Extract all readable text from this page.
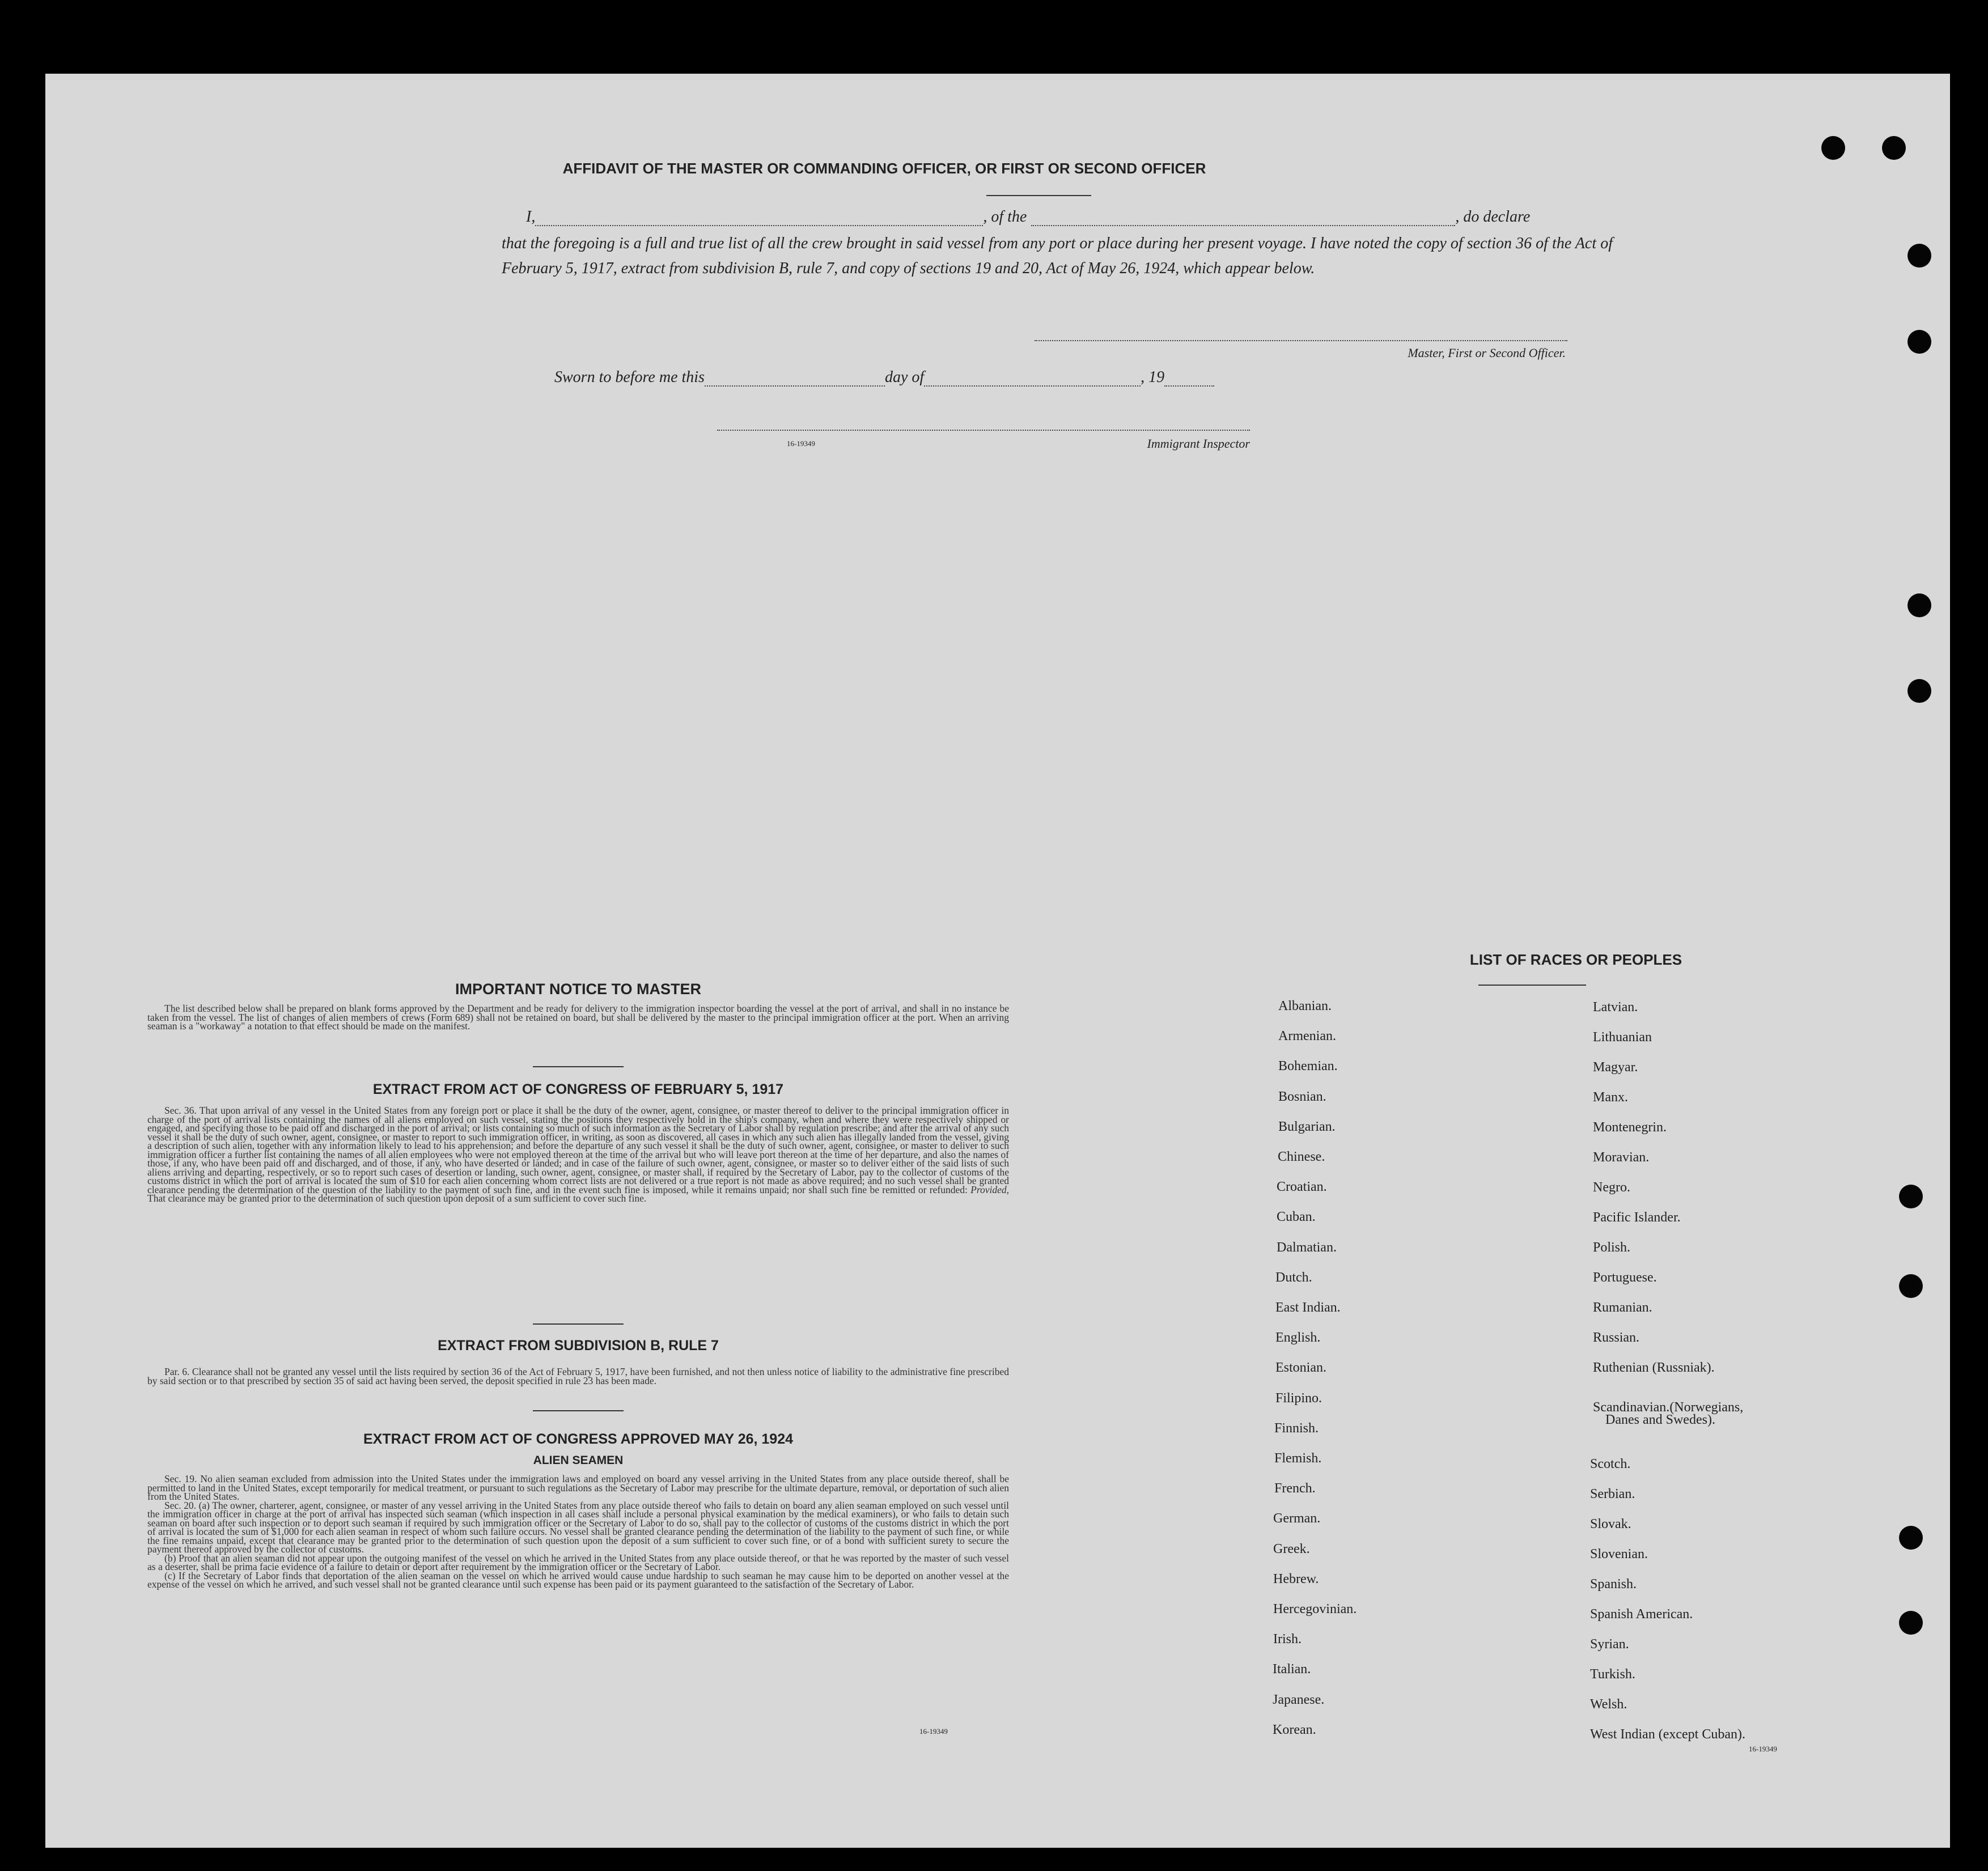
AFFIDAVIT OF THE MASTER OR COMMANDING OFFICER, OR FIRST OR SECOND OFFICER
I,	, of the	, do declare
that the foregoing is a full and true list of all the crew brought in said vessel from any port or place during her present voyage. I have noted the copy of section 36 of the Act of February 5, 1917, extract from subdivision B, rule 7, and copy of sections 19 and 20, Act of May 26, 1924, which appear below.
Master, First or Second Officer.
Sworn to before me this	day of	, 19
16-19349	Immigrant Inspector
IMPORTANT NOTICE TO MASTER
The list described below shall be prepared on blank forms approved by the Department and be ready for delivery to the immigration inspector boarding the vessel at the port of arrival, and shall in no instance be taken from the vessel. The list of changes of alien members of crews (Form 689) shall not be retained on board, but shall be delivered by the master to the principal immigration officer at the port. When an arriving seaman is a "workaway" a notation to that effect should be made on the manifest.
EXTRACT FROM ACT OF CONGRESS OF FEBRUARY 5, 1917
Sec. 36. That upon arrival of any vessel in the United States from any foreign port or place it shall be the duty of the owner, agent, consignee, or master thereof to deliver to the principal immigration officer in charge of the port of arrival lists containing the names of all aliens employed on such vessel, stating the positions they respectively hold in the ship's company, when and where they were respectively shipped or engaged, and specifying those to be paid off and discharged in the port of arrival; or lists containing so much of such information as the Secretary of Labor shall by regulation prescribe; and after the arrival of any such vessel it shall be the duty of such owner, agent, consignee, or master to report to such immigration officer, in writing, as soon as discovered, all cases in which any such alien has illegally landed from the vessel, giving a description of such alien, together with any information likely to lead to his apprehension; and before the departure of any such vessel it shall be the duty of such owner, agent, consignee, or master to deliver to such immigration officer a further list containing the names of all alien employees who were not employed thereon at the time of the arrival but who will leave port thereon at the time of her departure, and also the names of those, if any, who have been paid off and discharged, and of those, if any, who have deserted or landed; and in case of the failure of such owner, agent, consignee, or master so to deliver either of the said lists of such aliens arriving and departing, respectively, or so to report such cases of desertion or landing, such owner, agent, consignee, or master shall, if required by the Secretary of Labor, pay to the collector of customs of the customs district in which the port of arrival is located the sum of $10 for each alien concerning whom correct lists are not delivered or a true report is not made as above required; and no such vessel shall be granted clearance pending the determination of the question of the liability to the payment of such fine, and in the event such fine is imposed, while it remains unpaid; nor shall such fine be remitted or refunded: Provided, That clearance may be granted prior to the determination of such question upon deposit of a sum sufficient to cover such fine.
EXTRACT FROM SUBDIVISION B, RULE 7
Par. 6. Clearance shall not be granted any vessel until the lists required by section 36 of the Act of February 5, 1917, have been furnished, and not then unless notice of liability to the administrative fine prescribed by said section or to that prescribed by section 35 of said act having been served, the deposit specified in rule 23 has been made.
EXTRACT FROM ACT OF CONGRESS APPROVED MAY 26, 1924
ALIEN SEAMEN
Sec. 19. No alien seaman excluded from admission into the United States under the immigration laws and employed on board any vessel arriving in the United States from any place outside thereof, shall be permitted to land in the United States, except temporarily for medical treatment, or pursuant to such regulations as the Secretary of Labor may prescribe for the ultimate departure, removal, or deportation of such alien from the United States.
Sec. 20. (a) The owner, charterer, agent, consignee, or master of any vessel arriving in the United States from any place outside thereof who fails to detain on board any alien seaman employed on such vessel until the immigration officer in charge at the port of arrival has inspected such seaman (which inspection in all cases shall include a personal physical examination by the medical examiners), or who fails to detain such seaman on board after such inspection or to deport such seaman if required by such immigration officer or the Secretary of Labor to do so, shall pay to the collector of customs of the customs district in which the port of arrival is located the sum of $1,000 for each alien seaman in respect of whom such failure occurs. No vessel shall be granted clearance pending the determination of the liability to the payment of such fine, or while the fine remains unpaid, except that clearance may be granted prior to the determination of such question upon the deposit of a sum sufficient to cover such fine, or of a bond with sufficient surety to secure the payment thereof approved by the collector of customs.
(b) Proof that an alien seaman did not appear upon the outgoing manifest of the vessel on which he arrived in the United States from any place outside thereof, or that he was reported by the master of such vessel as a deserter, shall be prima facie evidence of a failure to detain or deport after requirement by the immigration officer or the Secretary of Labor.
(c) If the Secretary of Labor finds that deportation of the alien seaman on the vessel on which he arrived would cause undue hardship to such seaman he may cause him to be deported on another vessel at the expense of the vessel on which he arrived, and such vessel shall not be granted clearance until such expense has been paid or its payment guaranteed to the satisfaction of the Secretary of Labor.
16-19349
LIST OF RACES OR PEOPLES
Albanian.
Armenian.
Bohemian.
Bosnian.
Bulgarian.
Chinese.
Croatian.
Cuban.
Dalmatian.
Dutch.
East Indian.
English.
Estonian.
Filipino.
Finnish.
Flemish.
French.
German.
Greek.
Hebrew.
Hercegovinian.
Irish.
Italian.
Japanese.
Korean.
Latvian.
Lithuanian
Magyar.
Manx.
Montenegrin.
Moravian.
Negro.
Pacific Islander.
Polish.
Portuguese.
Rumanian.
Russian.
Ruthenian (Russniak).
Scandinavian.(Norwegians,
Danes and Swedes).
Scotch.
Serbian.
Slovak.
Slovenian.
Spanish.
Spanish American.
Syrian.
Turkish.
Welsh.
West Indian (except Cuban).
16-19349
